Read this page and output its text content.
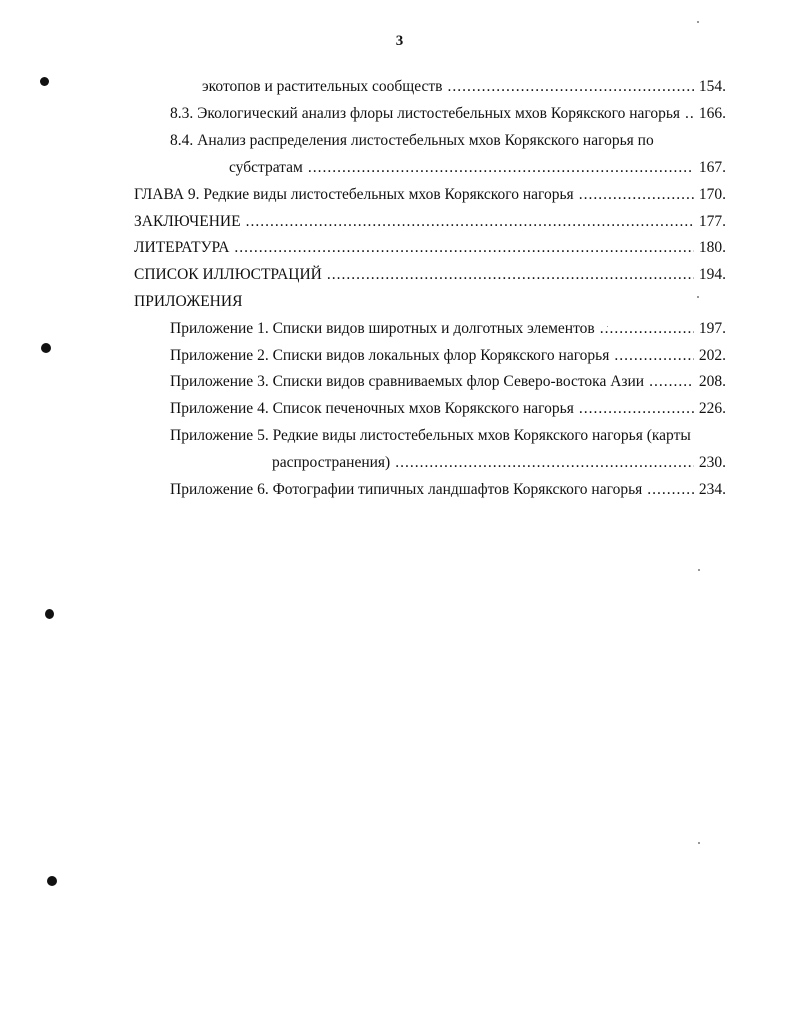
3
экотопов и растительных сообществ .....	154.
8.3. Экологический анализ флоры листостебельных мхов Корякского нагорья ..... 166.
8.4. Анализ распределения листостебельных мхов Корякского нагорья по
субстратам .....	167.
ГЛАВА 9. Редкие виды листостебельных мхов Корякского нагорья .....	170.
ЗАКЛЮЧЕНИЕ .....	177.
ЛИТЕРАТУРА .....	180.
СПИСОК ИЛЛЮСТРАЦИЙ .....	194.
ПРИЛОЖЕНИЯ
Приложение 1. Списки видов широтных и долготных элементов .....	197.
Приложение 2. Списки видов локальных флор Корякского нагорья .....	202.
Приложение 3. Списки видов сравниваемых флор Северо-востока Азии .....	208.
Приложение 4. Список печеночных мхов Корякского нагорья .....	226.
Приложение 5. Редкие виды листостебельных мхов Корякского нагорья (карты
распространения) .....	230.
Приложение 6. Фотографии типичных ландшафтов Корякского нагорья .....	234.
